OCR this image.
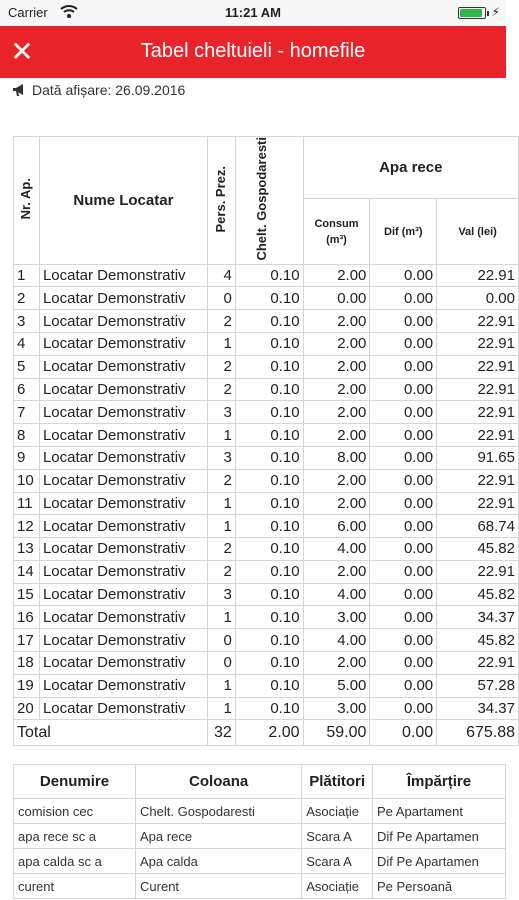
Carrier	11:21 AM	⚡
✕	Tabel cheltuieli - homefile
Dată afișare: 26.09.2016
Nr. Ap.	Nume Locatar	Pers. Prez.	Chelt. Gospodaresti	Apa rece		
				Consum (m³)	Dif (m³)	Val (lei)
1	Locatar Demonstrativ	4	0.10	2.00	0.00	22.91
2	Locatar Demonstrativ	0	0.10	0.00	0.00	0.00
3	Locatar Demonstrativ	2	0.10	2.00	0.00	22.91
4	Locatar Demonstrativ	1	0.10	2.00	0.00	22.91
5	Locatar Demonstrativ	2	0.10	2.00	0.00	22.91
6	Locatar Demonstrativ	2	0.10	2.00	0.00	22.91
7	Locatar Demonstrativ	3	0.10	2.00	0.00	22.91
8	Locatar Demonstrativ	1	0.10	2.00	0.00	22.91
9	Locatar Demonstrativ	3	0.10	8.00	0.00	91.65
10	Locatar Demonstrativ	2	0.10	2.00	0.00	22.91
11	Locatar Demonstrativ	1	0.10	2.00	0.00	22.91
12	Locatar Demonstrativ	1	0.10	6.00	0.00	68.74
13	Locatar Demonstrativ	2	0.10	4.00	0.00	45.82
14	Locatar Demonstrativ	2	0.10	2.00	0.00	22.91
15	Locatar Demonstrativ	3	0.10	4.00	0.00	45.82
16	Locatar Demonstrativ	1	0.10	3.00	0.00	34.37
17	Locatar Demonstrativ	0	0.10	4.00	0.00	45.82
18	Locatar Demonstrativ	0	0.10	2.00	0.00	22.91
19	Locatar Demonstrativ	1	0.10	5.00	0.00	57.28
20	Locatar Demonstrativ	1	0.10	3.00	0.00	34.37
Total		32	2.00	59.00	0.00	675.88
Denumire	Coloana	Plătitori	Împărțire
comision cec	Chelt. Gospodaresti	Asociație	Pe Apartament
apa rece sc a	Apa rece	Scara A	Dif Pe Apartamen
apa calda sc a	Apa calda	Scara A	Dif Pe Apartamen
curent	Curent	Asociație	Pe Persoană
